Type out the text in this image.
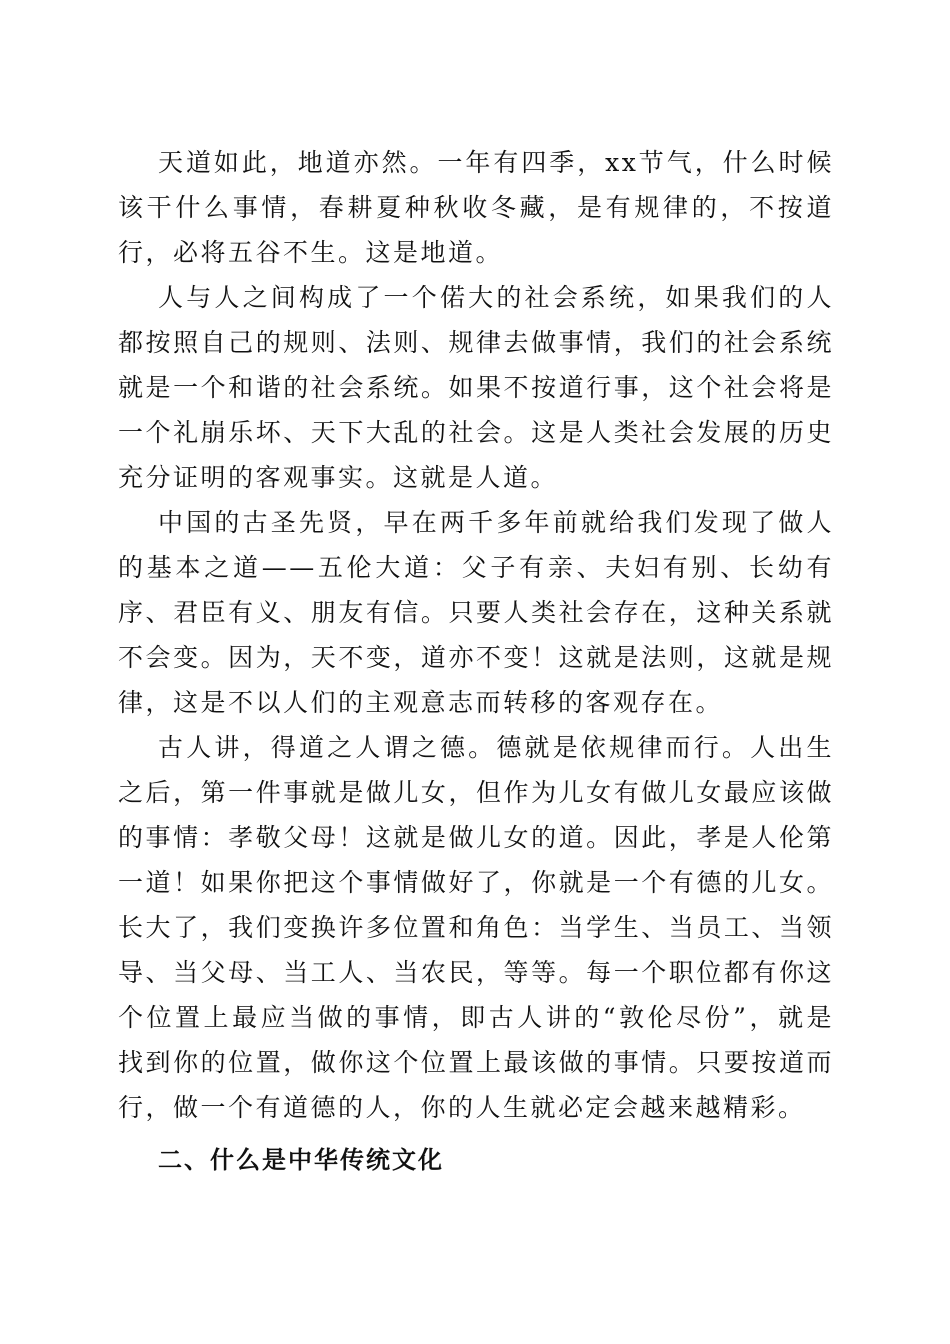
天道如此，地道亦然。一年有四季，xx节气，什么时候该干什么事情，春耕夏种秋收冬藏，是有规律的，不按道行，必将五谷不生。这是地道。

人与人之间构成了一个偌大的社会系统，如果我们的人都按照自己的规则、法则、规律去做事情，我们的社会系统就是一个和谐的社会系统。如果不按道行事，这个社会将是一个礼崩乐坏、天下大乱的社会。这是人类社会发展的历史充分证明的客观事实。这就是人道。

中国的古圣先贤，早在两千多年前就给我们发现了做人的基本之道——五伦大道：父子有亲、夫妇有别、长幼有序、君臣有义、朋友有信。只要人类社会存在，这种关系就不会变。因为，天不变，道亦不变！这就是法则，这就是规律，这是不以人们的主观意志而转移的客观存在。

古人讲，得道之人谓之德。德就是依规律而行。人出生之后，第一件事就是做儿女，但作为儿女有做儿女最应该做的事情：孝敬父母！这就是做儿女的道。因此，孝是人伦第一道！如果你把这个事情做好了，你就是一个有德的儿女。长大了，我们变换许多位置和角色：当学生、当员工、当领导、当父母、当工人、当农民，等等。每一个职位都有你这个位置上最应当做的事情，即古人讲的“敦伦尽份”，就是找到你的位置，做你这个位置上最该做的事情。只要按道而行，做一个有道德的人，你的人生就必定会越来越精彩。

二、什么是中华传统文化
